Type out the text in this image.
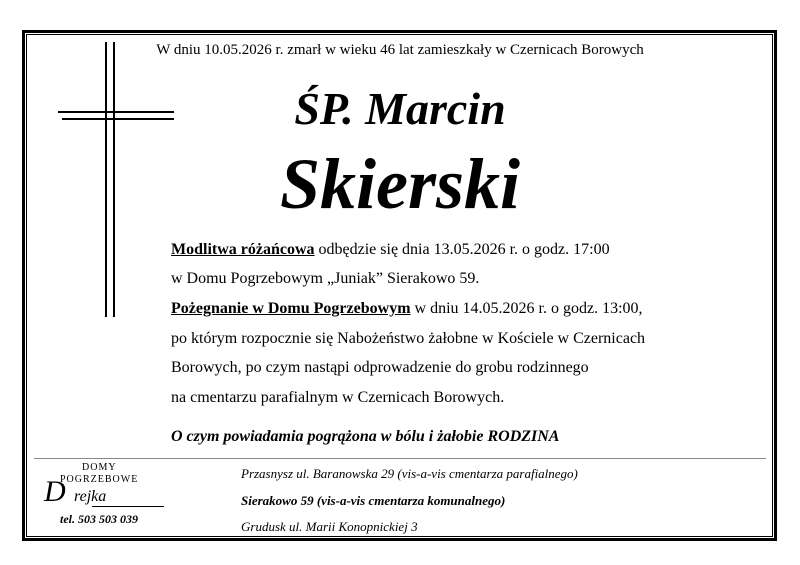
W dniu 10.05.2026 r. zmarł w wieku 46 lat zamieszkały w Czernicach Borowych
ŚP. Marcin
Skierski
Modlitwa różańcowa odbędzie się dnia 13.05.2026 r. o godz. 17:00
w Domu Pogrzebowym „Juniak” Sierakowo 59.
Pożegnanie w Domu Pogrzebowym w dniu 14.05.2026 r. o godz. 13:00,
po którym rozpocznie się Nabożeństwo żałobne w Kościele w Czernicach
Borowych, po czym nastąpi odprowadzenie do grobu rodzinnego
na cmentarzu parafialnym w Czernicach Borowych.
O czym powiadamia pogrążona w bólu i żałobie RODZINA
DOMY
POGRZEBOWE
D rejka
tel. 503 503 039
Przasnysz ul. Baranowska 29 (vis-a-vis cmentarza parafialnego)
Sierakowo 59 (vis-a-vis cmentarza komunalnego)
Grudusk ul. Marii Konopnickiej 3
